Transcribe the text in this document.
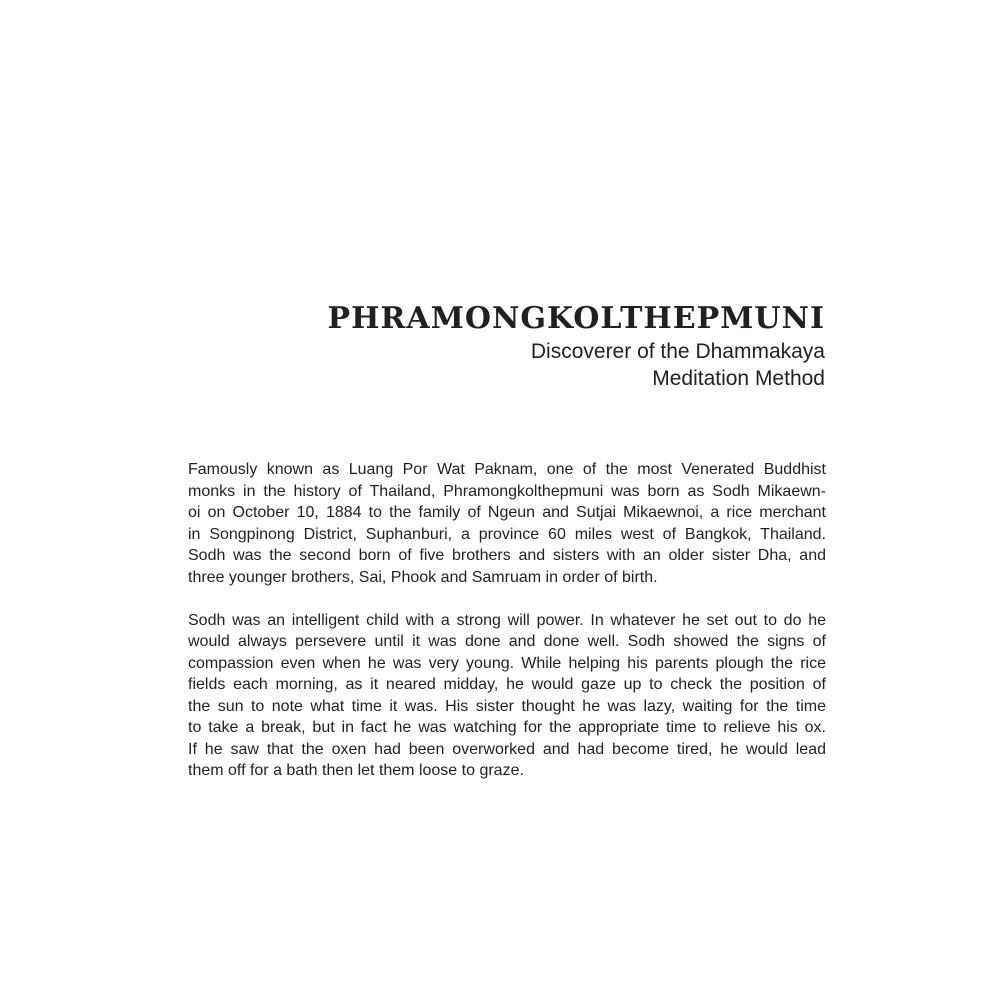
PHRAMONGKOLTHEPMUNI
Discoverer of the Dhammakaya
Meditation Method

Famously known as Luang Por Wat Paknam, one of the most Venerated Buddhist
monks in the history of Thailand, Phramongkolthepmuni was born as Sodh Mikaewn-
oi on October 10, 1884 to the family of Ngeun and Sutjai Mikaewnoi, a rice merchant
in Songpinong District, Suphanburi, a province 60 miles west of Bangkok, Thailand.
Sodh was the second born of five brothers and sisters with an older sister Dha, and
three younger brothers, Sai, Phook and Samruam in order of birth.

Sodh was an intelligent child with a strong will power. In whatever he set out to do he
would always persevere until it was done and done well. Sodh showed the signs of
compassion even when he was very young. While helping his parents plough the rice
fields each morning, as it neared midday, he would gaze up to check the position of
the sun to note what time it was. His sister thought he was lazy, waiting for the time
to take a break, but in fact he was watching for the appropriate time to relieve his ox.
If he saw that the oxen had been overworked and had become tired, he would lead
them off for a bath then let them loose to graze.
